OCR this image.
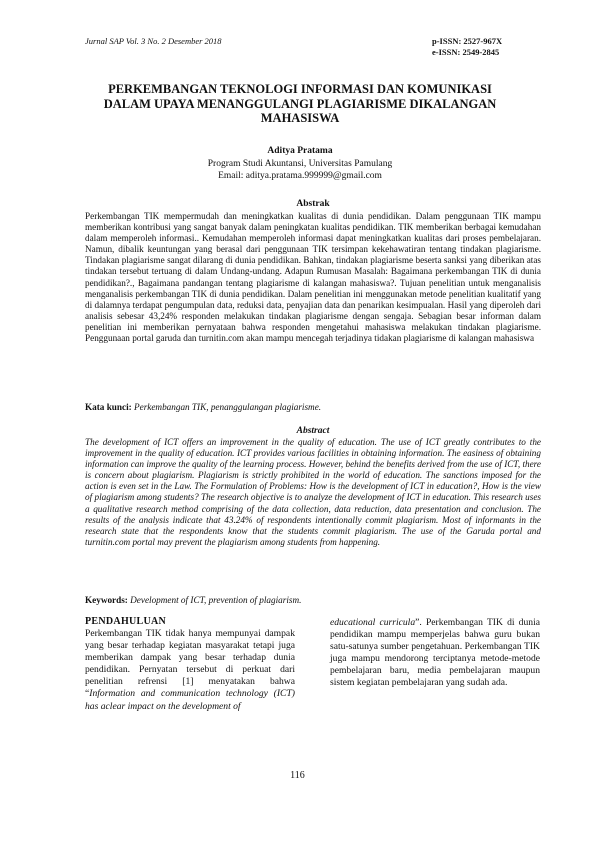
Jurnal SAP Vol. 3 No. 2 Desember 2018	p-ISSN: 2527-967X
e-ISSN: 2549-2845
PERKEMBANGAN TEKNOLOGI INFORMASI DAN KOMUNIKASI
DALAM UPAYA MENANGGULANGI PLAGIARISME DIKALANGAN
MAHASISWA
Aditya Pratama
Program Studi Akuntansi, Universitas Pamulang
Email: aditya.pratama.999999@gmail.com
Abstrak
Perkembangan TIK mempermudah dan meningkatkan kualitas di dunia pendidikan. Dalam penggunaan TIK mampu memberikan kontribusi yang sangat banyak dalam peningkatan kualitas pendidikan. TIK memberikan berbagai kemudahan dalam memperoleh informasi.. Kemudahan memperoleh informasi dapat meningkatkan kualitas dari proses pembelajaran. Namun, dibalik keuntungan yang berasal dari penggunaan TIK tersimpan kekehawatiran tentang tindakan plagiarisme. Tindakan plagiarisme sangat dilarang di dunia pendidikan. Bahkan, tindakan plagiarisme beserta sanksi yang diberikan atas tindakan tersebut tertuang di dalam Undang-undang. Adapun Rumusan Masalah: Bagaimana perkembangan TIK di dunia pendidikan?., Bagaimana pandangan tentang plagiarisme di kalangan mahasiswa?. Tujuan penelitian untuk menganalisis menganalisis perkembangan TIK di dunia pendidikan. Dalam penelitian ini menggunakan metode penelitian kualitatif yang di dalamnya terdapat pengumpulan data, reduksi data, penyajian data dan penarikan kesimpualan. Hasil yang diperoleh dari analisis sebesar 43,24% responden melakukan tindakan plagiarisme dengan sengaja. Sebagian besar informan dalam penelitian ini memberikan pernyataan bahwa responden mengetahui mahasiswa melakukan tindakan plagiarisme. Penggunaan portal garuda dan turnitin.com akan mampu mencegah terjadinya tidakan plagiarisme di kalangan mahasiswa
Kata kunci: Perkembangan TIK, penanggulangan plagiarisme.
Abstract
The development of ICT offers an improvement in the quality of education. The use of ICT greatly contributes to the improvement in the quality of education. ICT provides various facilities in obtaining information. The easiness of obtaining information can improve the quality of the learning process. However, behind the benefits derived from the use of ICT, there is concern about plagiarism. Plagiarism is strictly prohibited in the world of education. The sanctions imposed for the action is even set in the Law. The Formulation of Problems: How is the development of ICT in education?, How is the view of plagiarism among students? The research objective is to analyze the development of ICT in education. This research uses a qualitative research method comprising of the data collection, data reduction, data presentation and conclusion. The results of the analysis indicate that 43.24% of respondents intentionally commit plagiarism. Most of informants in the research state that the respondents know that the students commit plagiarism. The use of the Garuda portal and turnitin.com portal may prevent the plagiarism among students from happening.
Keywords: Development of ICT, prevention of plagiarism.
PENDAHULUAN
Perkembangan TIK tidak hanya mempunyai dampak yang besar terhadap kegiatan masyarakat tetapi juga memberikan dampak yang besar terhadap dunia pendidikan. Pernyatan tersebut di perkuat dari penelitian refrensi [1] menyatakan bahwa “Information and communication technology (ICT) has aclear impact on the development of
educational curricula”. Perkembangan TIK di dunia pendidikan mampu memperjelas bahwa guru bukan satu-satunya sumber pengetahuan. Perkembangan TIK juga mampu mendorong terciptanya metode-metode pembelajaran baru, media pembelajaran maupun sistem kegiatan pembelajaran yang sudah ada.
116
